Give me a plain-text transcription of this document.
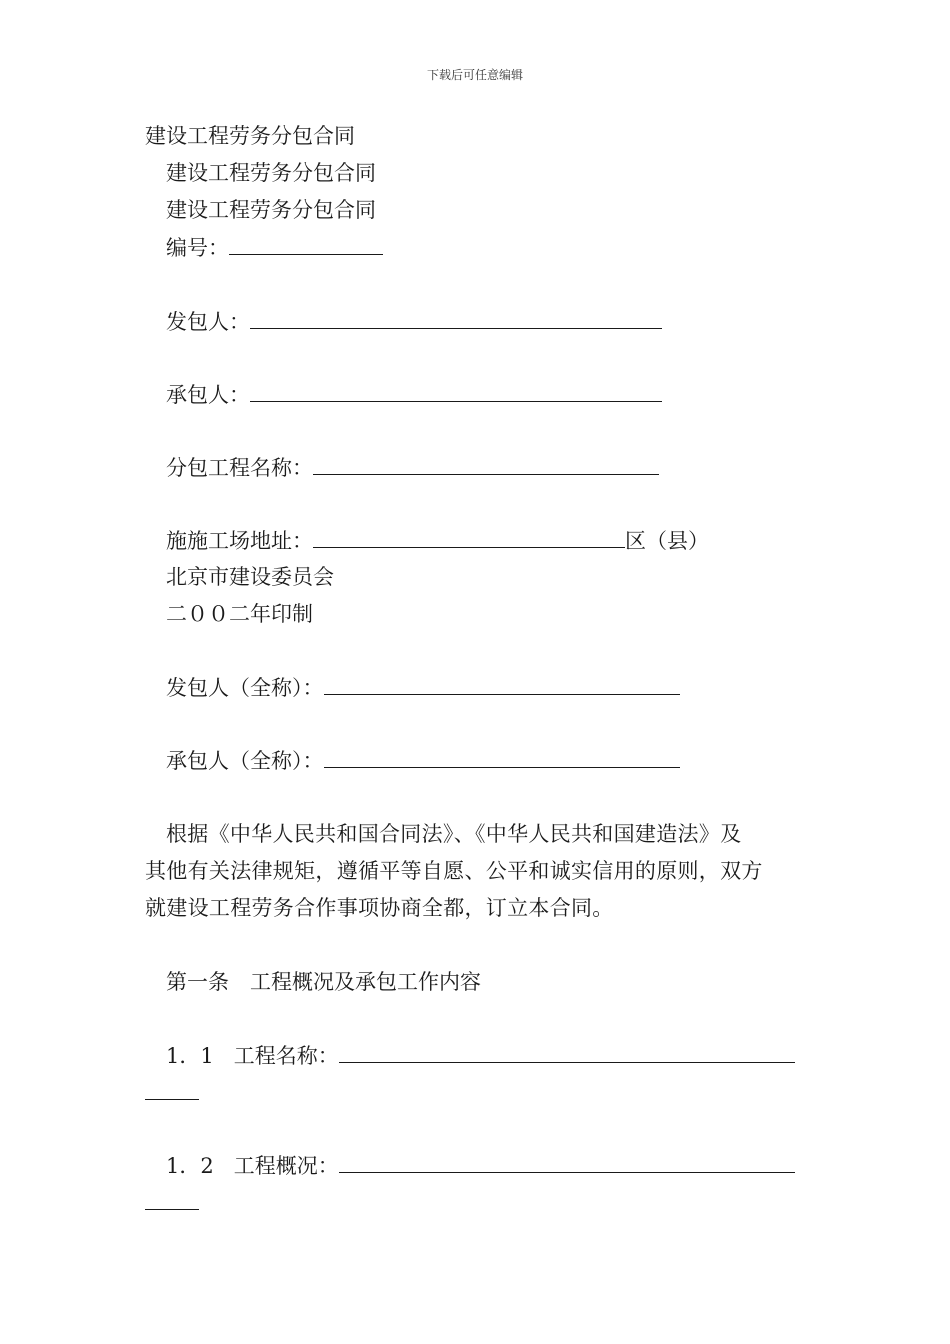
下载后可任意编辑
建设工程劳务分包合同
建设工程劳务分包合同
建设工程劳务分包合同
编号：
发包人：
承包人：
分包工程名称：
施施工场地址：	区（县）
北京市建设委员会
二００二年印制
发包人（全称）：
承包人（全称）：
根据《中华人民共和国合同法》、《中华人民共和国建造法》及
其他有关法律规矩，遵循平等自愿、公平和诚实信用的原则，双方
就建设工程劳务合作事项协商全都，订立本合同。
第一条　工程概况及承包工作内容
1．1 工程名称：
1．2 工程概况：
